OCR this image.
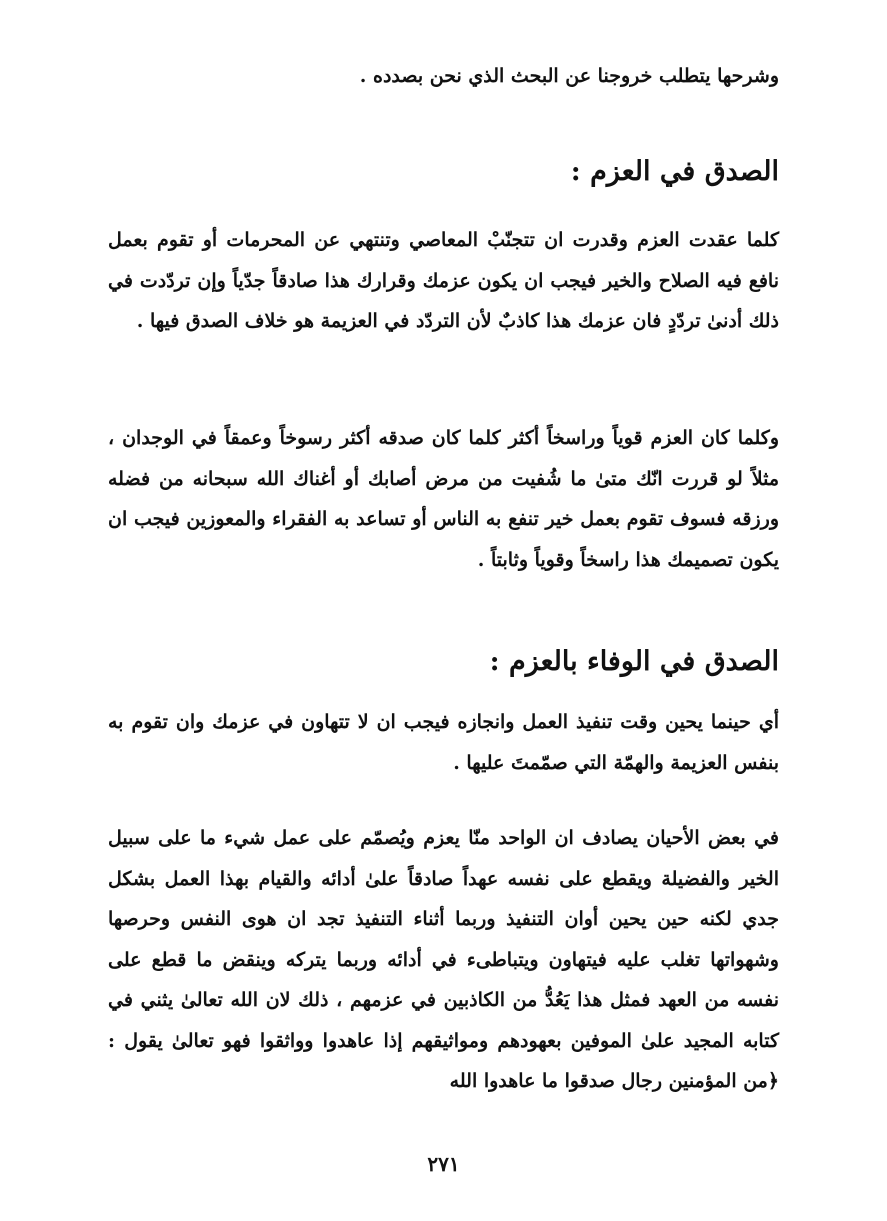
وشرحها يتطلب خروجنا عن البحث الذي نحن بصدده .
الصدق في العزم :
كلما عقدت العزم وقدرت ان تتجنّبْ المعاصي وتنتهي عن المحرمات أو تقوم بعمل نافع فيه الصلاح والخير فيجب ان يكون عزمك وقرارك هذا صادقاً جدّياً وإن تردّدت في ذلك أدنىٰ تردّدٍ فان عزمك هذا كاذبٌ لأن التردّد في العزيمة هو خلاف الصدق فيها .
وكلما كان العزم قوياً وراسخاً أكثر كلما كان صدقه أكثر رسوخاً وعمقاً في الوجدان ، مثلاً لو قررت انّك متىٰ ما شُفيت من مرض أصابك أو أغناك الله سبحانه من فضله ورزقه فسوف تقوم بعمل خير تنفع به الناس أو تساعد به الفقراء والمعوزين فيجب ان يكون تصميمك هذا راسخاً وقوياً وثابتاً .
الصدق في الوفاء بالعزم :
أي حينما يحين وقت تنفيذ العمل وانجازه فيجب ان لا تتهاون في عزمك وان تقوم به بنفس العزيمة والهمّة التي صمّمتَ عليها .
في بعض الأحيان يصادف ان الواحد منّا يعزم ويُصمّم على عمل شيء ما على سبيل الخير والفضيلة ويقطع على نفسه عهداً صادقاً علىٰ أدائه والقيام بهذا العمل بشكل جدي لكنه حين يحين أوان التنفيذ وربما أثناء التنفيذ تجد ان هوى النفس وحرصها وشهواتها تغلب عليه فيتهاون ويتباطىء في أدائه وربما يتركه وينقض ما قطع على نفسه من العهد فمثل هذا يَعُدُّ من الكاذبين في عزمهم ، ذلك لان الله تعالىٰ يثني في كتابه المجيد علىٰ الموفين بعهودهم ومواثيقهم إذا عاهدوا وواثقوا فهو تعالىٰ يقول : ﴿من المؤمنين رجال صدقوا ما عاهدوا الله
٢٧١
